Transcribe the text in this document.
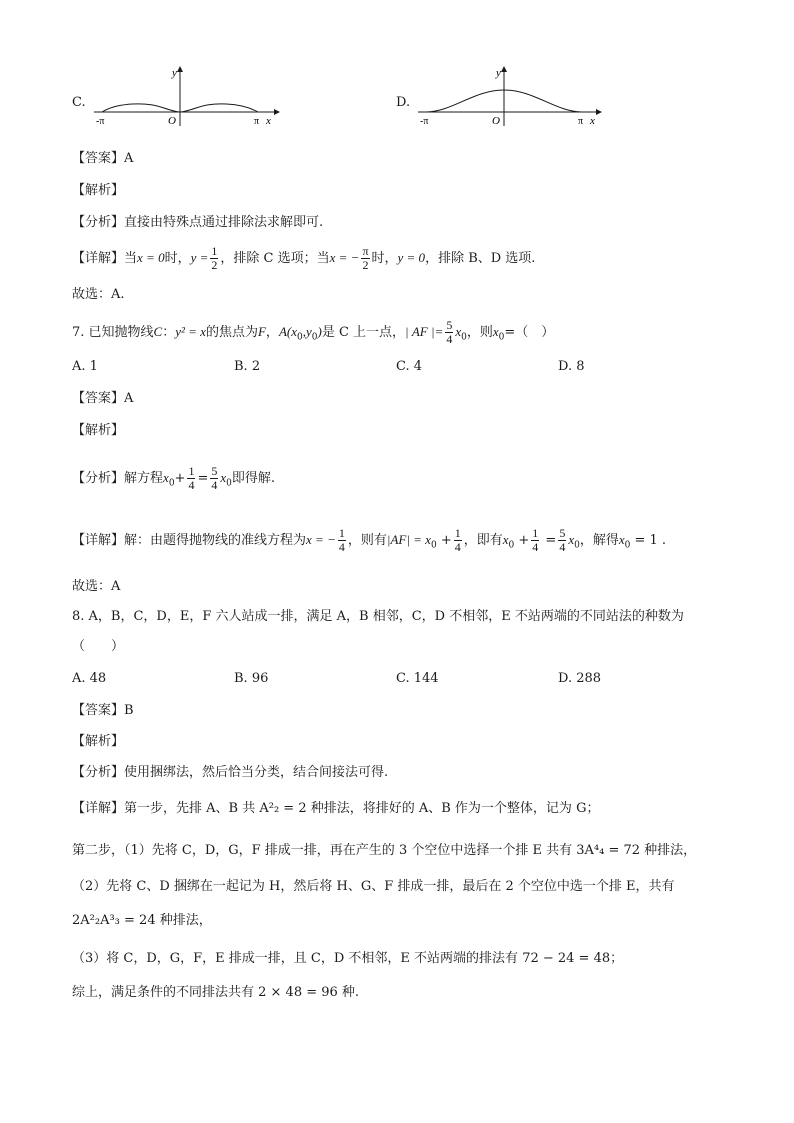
C.
y
O
-π	π x
D.
y
O
-π	π x
【答案】A
【解析】
【分析】直接由特殊点通过排除法求解即可.
【详解】当x = 0时，$y = \frac{1}{2}$ ，排除 C 选项；当x = − $\frac{\pi}{2}$ 时，y = 0，排除 B、D 选项.
故选：A.
7. 已知抛物线C：y² = x的焦点为F，$A(x_0,y_0)$是 C 上一点，| AF |= $\frac{5}{4} x_0$，则$x_0=$（　）
A. 1	B. 2	C. 4	D. 8
【答案】A
【解析】
【分析】解方程$x_0+ \frac{1}{4} = \frac{5}{4} x_0$即得解.
【详解】解：由题得抛物线的准线方程为x = − $\frac{1}{4}$ ，则有$|AF| = x_0 + \frac{1}{4}$ ，即有$x_0 + \frac{1}{4} = \frac{5}{4} x_0$，解得$x_0 = 1$ .
故选：A
8. A，B，C，D，E，F 六人站成一排，满足 A，B 相邻，C，D 不相邻，E 不站两端的不同站法的种数为
（　　）
A. 48	B. 96	C. 144	D. 288
【答案】B
【解析】
【分析】使用捆绑法，然后恰当分类，结合间接法可得.
【详解】第一步，先排 A、B 共 A²₂ = 2 种排法，将排好的 A、B 作为一个整体，记为 G；
第二步，（1）先将 C，D，G，F 排成一排，再在产生的 3 个空位中选择一个排 E 共有 3A⁴₄ = 72 种排法，
（2）先将 C、D 捆绑在一起记为 H，然后将 H、G、F 排成一排，最后在 2 个空位中选一个排 E，共有
2A²₂A³₃ = 24 种排法，
（3）将 C，D，G，F，E 排成一排，且 C，D 不相邻，E 不站两端的排法有 72 − 24 = 48；
综上，满足条件的不同排法共有 2 × 48 = 96 种.
